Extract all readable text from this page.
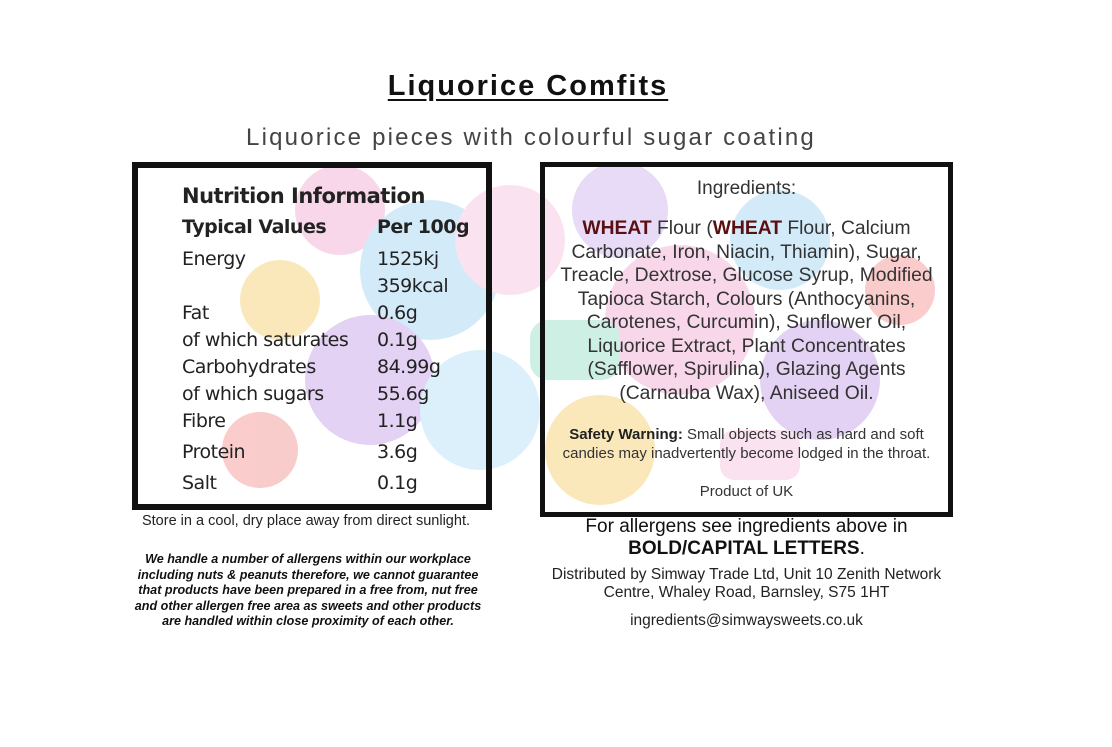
Liquorice Comfits
Liquorice pieces with colourful sugar coating
Nutrition Information
Typical Values	Per 100g
Energy	1525kj
359kcal
Fat	0.6g
of which saturates 0.1g
Carbohydrates	84.99g
of which sugars	55.6g
Fibre	1.1g
Protein	3.6g
Salt	0.1g
Ingredients:
WHEAT Flour (WHEAT Flour, Calcium Carbonate, Iron, Niacin, Thiamin), Sugar, Treacle, Dextrose, Glucose Syrup, Modified Tapioca Starch, Colours (Anthocyanins, Carotenes, Curcumin), Sunflower Oil, Liquorice Extract, Plant Concentrates (Safflower, Spirulina), Glazing Agents (Carnauba Wax), Aniseed Oil.
Safety Warning: Small objects such as hard and soft candies may inadvertently become lodged in the throat.
Product of UK
Store in a cool, dry place away from direct sunlight.
We handle a number of allergens within our workplace including nuts & peanuts therefore, we cannot guarantee that products have been prepared in a free from, nut free and other allergen free area as sweets and other products are handled within close proximity of each other.
For allergens see ingredients above in BOLD/CAPITAL LETTERS.
Distributed by Simway Trade Ltd, Unit 10 Zenith Network Centre, Whaley Road, Barnsley, S75 1HT
ingredients@simwaysweets.co.uk
